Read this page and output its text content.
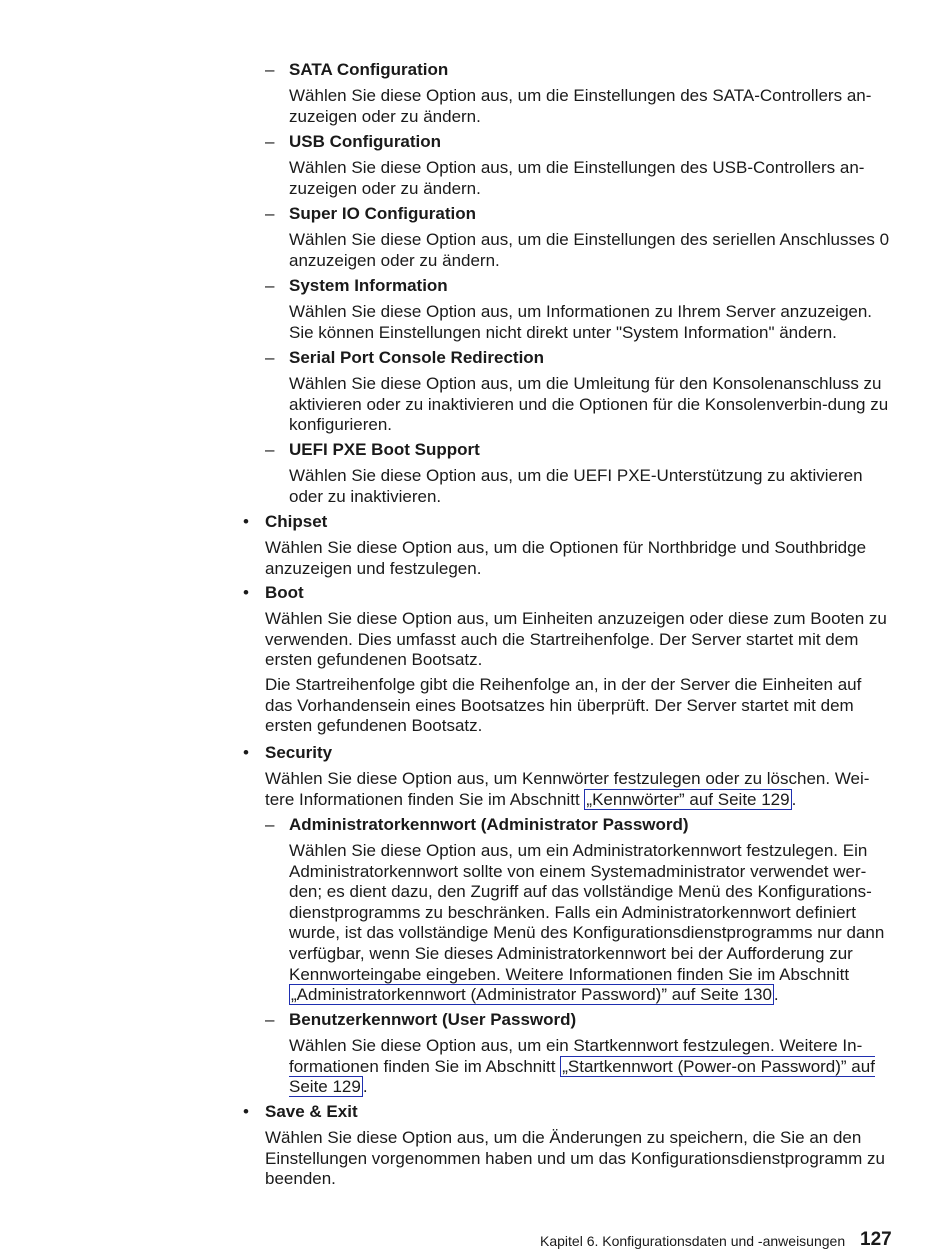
– SATA Configuration
Wählen Sie diese Option aus, um die Einstellungen des SATA-Controllers an-zuzeigen oder zu ändern.
– USB Configuration
Wählen Sie diese Option aus, um die Einstellungen des USB-Controllers an-zuzeigen oder zu ändern.
– Super IO Configuration
Wählen Sie diese Option aus, um die Einstellungen des seriellen Anschlusses 0 anzuzeigen oder zu ändern.
– System Information
Wählen Sie diese Option aus, um Informationen zu Ihrem Server anzuzeigen. Sie können Einstellungen nicht direkt unter "System Information" ändern.
– Serial Port Console Redirection
Wählen Sie diese Option aus, um die Umleitung für den Konsolenanschluss zu aktivieren oder zu inaktivieren und die Optionen für die Konsolenverbin-dung zu konfigurieren.
– UEFI PXE Boot Support
Wählen Sie diese Option aus, um die UEFI PXE-Unterstützung zu aktivieren oder zu inaktivieren.
• Chipset
Wählen Sie diese Option aus, um die Optionen für Northbridge und Southbridge anzuzeigen und festzulegen.
• Boot
Wählen Sie diese Option aus, um Einheiten anzuzeigen oder diese zum Booten zu verwenden. Dies umfasst auch die Startreihenfolge. Der Server startet mit dem ersten gefundenen Bootsatz.
Die Startreihenfolge gibt die Reihenfolge an, in der der Server die Einheiten auf das Vorhandensein eines Bootsatzes hin überprüft. Der Server startet mit dem ersten gefundenen Bootsatz.
• Security
Wählen Sie diese Option aus, um Kennwörter festzulegen oder zu löschen. Wei-tere Informationen finden Sie im Abschnitt „Kennwörter” auf Seite 129 .
– Administratorkennwort (Administrator Password)
Wählen Sie diese Option aus, um ein Administratorkennwort festzulegen. Ein Administratorkennwort sollte von einem Systemadministrator verwendet wer-den; es dient dazu, den Zugriff auf das vollständige Menü des Konfigurations-dienstprogramms zu beschränken. Falls ein Administratorkennwort definiert wurde, ist das vollständige Menü des Konfigurationsdienstprogramms nur dann verfügbar, wenn Sie dieses Administratorkennwort bei der Aufforderung zur Kennworteingabe eingeben. Weitere Informationen finden Sie im Abschnitt „Administratorkennwort (Administrator Password)” auf Seite 130 .
– Benutzerkennwort (User Password)
Wählen Sie diese Option aus, um ein Startkennwort festzulegen. Weitere In-formationen finden Sie im Abschnitt „Startkennwort (Power-on Password)” auf Seite 129 .
• Save & Exit
Wählen Sie diese Option aus, um die Änderungen zu speichern, die Sie an den Einstellungen vorgenommen haben und um das Konfigurationsdienstprogramm zu beenden.
Kapitel 6. Konfigurationsdaten und -anweisungen 127
